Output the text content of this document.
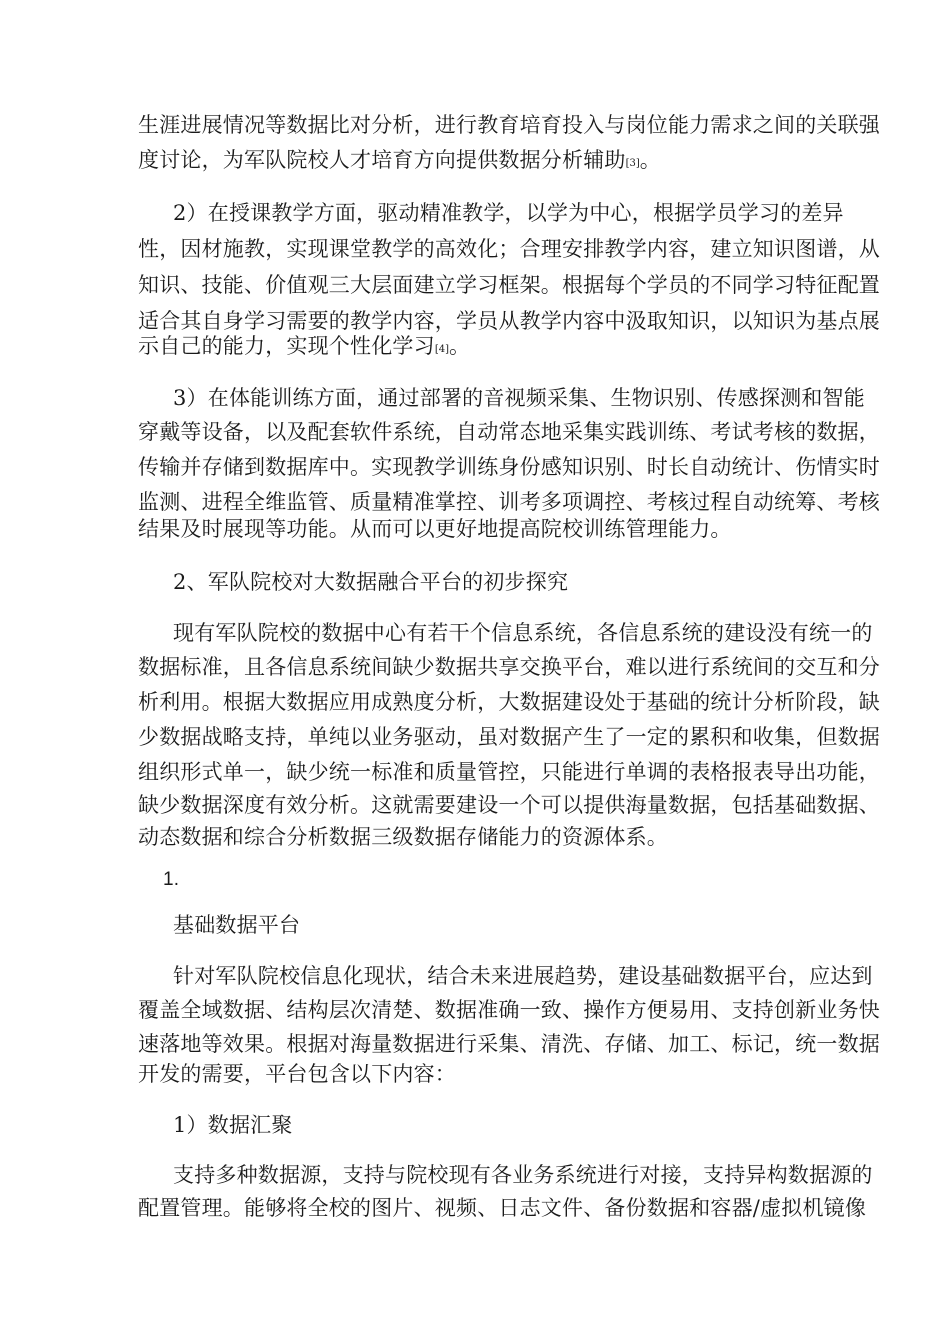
生涯进展情况等数据比对分析，进行教育培育投入与岗位能力需求之间的关联强
度讨论，为军队院校人才培育方向提供数据分析辅助[3]。
2）在授课教学方面，驱动精准教学，以学为中心，根据学员学习的差异
性，因材施教，实现课堂教学的高效化；合理安排教学内容，建立知识图谱，从
知识、技能、价值观三大层面建立学习框架。根据每个学员的不同学习特征配置
适合其自身学习需要的教学内容，学员从教学内容中汲取知识，以知识为基点展
示自己的能力，实现个性化学习[4]。
3）在体能训练方面，通过部署的音视频采集、生物识别、传感探测和智能
穿戴等设备，以及配套软件系统，自动常态地采集实践训练、考试考核的数据，
传输并存储到数据库中。实现教学训练身份感知识别、时长自动统计、伤情实时
监测、进程全维监管、质量精准掌控、训考多项调控、考核过程自动统筹、考核
结果及时展现等功能。从而可以更好地提高院校训练管理能力。
2、军队院校对大数据融合平台的初步探究
现有军队院校的数据中心有若干个信息系统，各信息系统的建设没有统一的
数据标准，且各信息系统间缺少数据共享交换平台，难以进行系统间的交互和分
析利用。根据大数据应用成熟度分析，大数据建设处于基础的统计分析阶段，缺
少数据战略支持，单纯以业务驱动，虽对数据产生了一定的累积和收集，但数据
组织形式单一，缺少统一标准和质量管控，只能进行单调的表格报表导出功能，
缺少数据深度有效分析。这就需要建设一个可以提供海量数据，包括基础数据、
动态数据和综合分析数据三级数据存储能力的资源体系。
1.
基础数据平台
针对军队院校信息化现状，结合未来进展趋势，建设基础数据平台，应达到
覆盖全域数据、结构层次清楚、数据准确一致、操作方便易用、支持创新业务快
速落地等效果。根据对海量数据进行采集、清洗、存储、加工、标记，统一数据
开发的需要，平台包含以下内容：
1）数据汇聚
支持多种数据源，支持与院校现有各业务系统进行对接，支持异构数据源的
配置管理。能够将全校的图片、视频、日志文件、备份数据和容器/虚拟机镜像
